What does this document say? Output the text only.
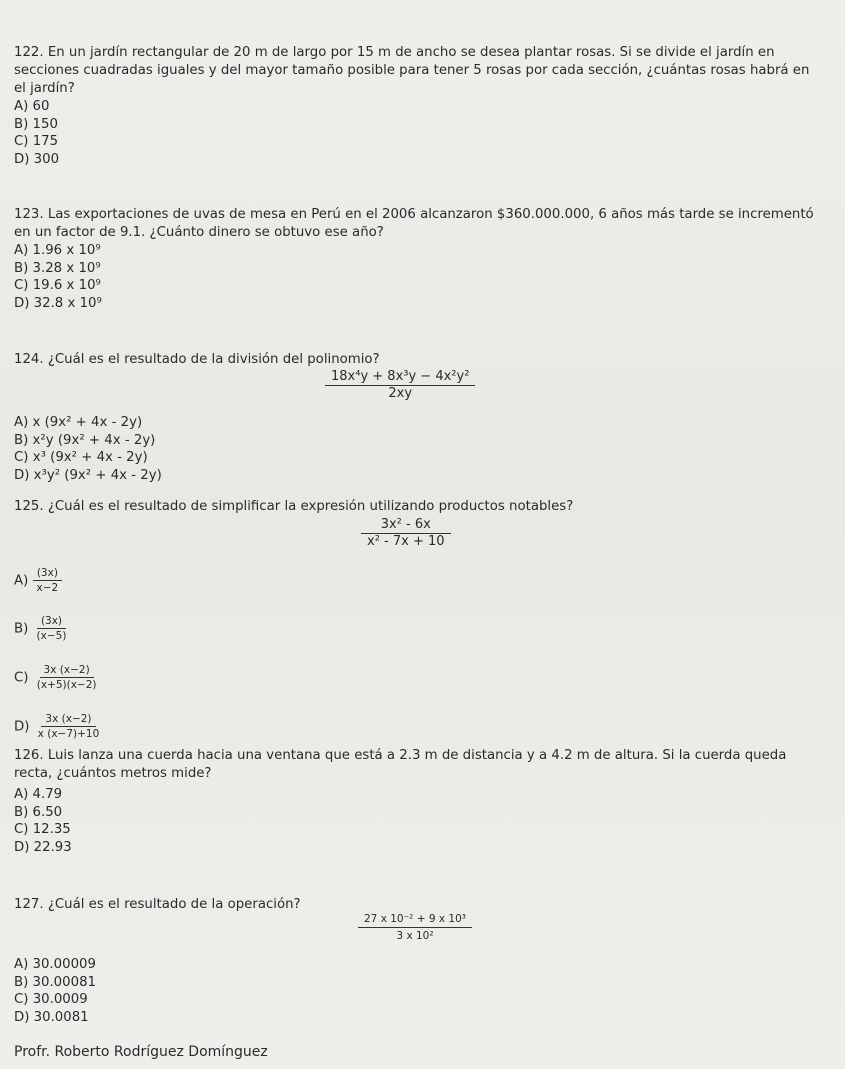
122. En un jardín rectangular de 20 m de largo por 15 m de ancho se desea plantar rosas. Si se divide el jardín en secciones cuadradas iguales y del mayor tamaño posible para tener 5 rosas por cada sección, ¿cuántas rosas habrá en el jardín?
A) 60
B) 150
C) 175
D) 300
123. Las exportaciones de uvas de mesa en Perú en el 2006 alcanzaron $360.000.000, 6 años más tarde se incrementó en un factor de 9.1. ¿Cuánto dinero se obtuvo ese año?
A) 1.96 x 10⁹
B) 3.28 x 10⁹
C) 19.6 x 10⁹
D) 32.8 x 10⁹
124. ¿Cuál es el resultado de la división del polinomio?
$\frac{\text{18x⁴y + 8x³y − 4x²y²}}{2xy}$
A) x (9x² + 4x - 2y)
B) x²y (9x² + 4x - 2y)
C) x³ (9x² + 4x - 2y)
D) x³y² (9x² + 4x - 2y)
125. ¿Cuál es el resultado de simplificar la expresión utilizando productos notables?
$\frac{\text{3x² - 6x}}{\text{x² - 7x + 10}}$
$A) \frac{(3x)}{x-2}$
$B) \frac{(3x)}{(x-5)}$
$C) \frac{3x (x-2)}{(x+5)(x-2)}$
$D) \frac{3x (x-2)}{x (x-7)+10}$
126. Luis lanza una cuerda hacia una ventana que está a 2.3 m de distancia y a 4.2 m de altura. Si la cuerda queda recta, ¿cuántos metros mide?
A) 4.79
B) 6.50
C) 12.35
D) 22.93
127. ¿Cuál es el resultado de la operación?
$\frac{\text{27 x 10⁻² + 9 x 10³}}{\text{3 x 10²}}$
A) 30.00009
B) 30.00081
C) 30.0009
D) 30.0081
Profr. Roberto Rodríguez Domínguez
